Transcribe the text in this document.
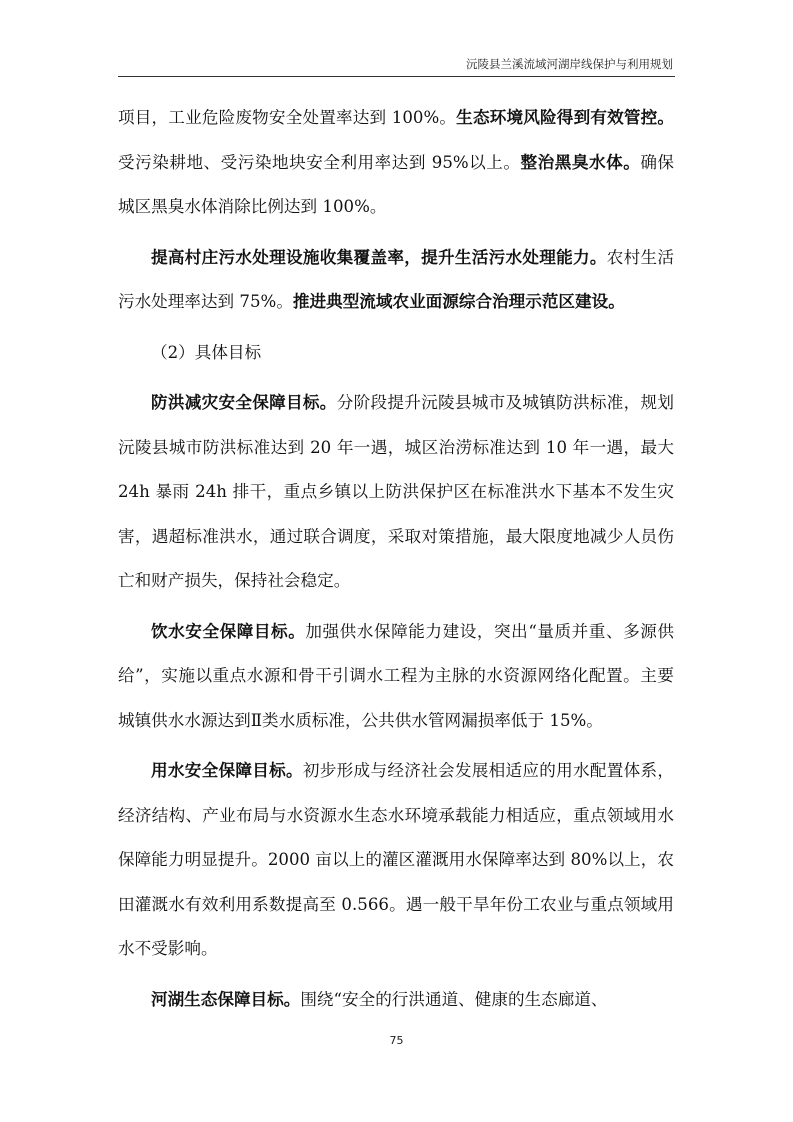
沅陵县兰溪流域河湖岸线保护与利用规划

项目，工业危险废物安全处置率达到 100%。生态环境风险得到有效管控。受污染耕地、受污染地块安全利用率达到 95%以上。整治黑臭水体。确保城区黑臭水体消除比例达到 100%。

提高村庄污水处理设施收集覆盖率，提升生活污水处理能力。农村生活污水处理率达到 75%。推进典型流域农业面源综合治理示范区建设。

（2）具体目标

防洪减灾安全保障目标。分阶段提升沅陵县城市及城镇防洪标准，规划沅陵县城市防洪标准达到 20 年一遇，城区治涝标准达到 10 年一遇，最大 24h 暴雨 24h 排干，重点乡镇以上防洪保护区在标准洪水下基本不发生灾害，遇超标准洪水，通过联合调度，采取对策措施，最大限度地减少人员伤亡和财产损失，保持社会稳定。

饮水安全保障目标。加强供水保障能力建设，突出“量质并重、多源供给”，实施以重点水源和骨干引调水工程为主脉的水资源网络化配置。主要城镇供水水源达到Ⅱ类水质标准，公共供水管网漏损率低于 15%。

用水安全保障目标。初步形成与经济社会发展相适应的用水配置体系，经济结构、产业布局与水资源水生态水环境承载能力相适应，重点领域用水保障能力明显提升。2000 亩以上的灌区灌溉用水保障率达到 80%以上，农田灌溉水有效利用系数提高至 0.566。遇一般干旱年份工农业与重点领域用水不受影响。

河湖生态保障目标。围绕“安全的行洪通道、健康的生态廊道、

75
